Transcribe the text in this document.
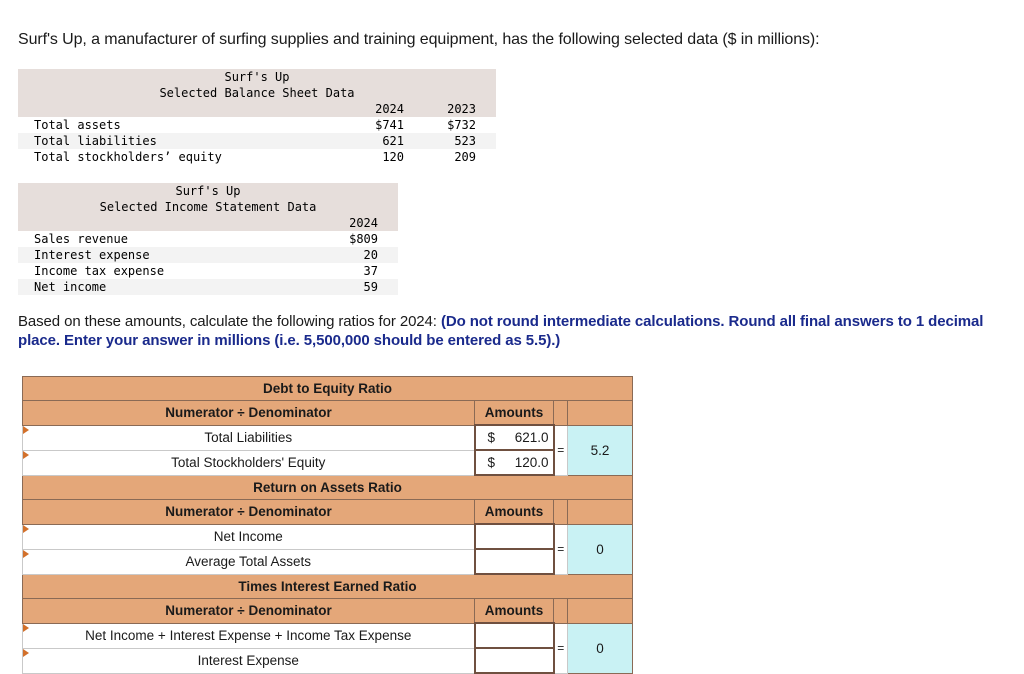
Surf's Up, a manufacturer of surfing supplies and training equipment, has the following selected data ($ in millions):
Surf's Up
Selected Balance Sheet Data
2024	2023
Total assets	$741	$732
Total liabilities	621	523
Total stockholders’ equity	120	209
Surf's Up
Selected Income Statement Data
2024
Sales revenue	$809
Interest expense	20
Income tax expense	37
Net income	59
Based on these amounts, calculate the following ratios for 2024: (Do not round intermediate calculations. Round all final answers to 1 decimal place. Enter your answer in millions (i.e. 5,500,000 should be entered as 5.5).)
Debt to Equity Ratio			
Numerator ÷ Denominator	Amounts		
Total Liabilities	$ 621.0	=	5.2
Total Stockholders' Equity	$ 120.0		

Return on Assets Ratio			
Numerator ÷ Denominator	Amounts		
Net Income		=	0
Average Total Assets			
Times Interest Earned Ratio			
Numerator ÷ Denominator	Amounts		
Net Income + Interest Expense + Income Tax Expense		=	0
Interest Expense			
